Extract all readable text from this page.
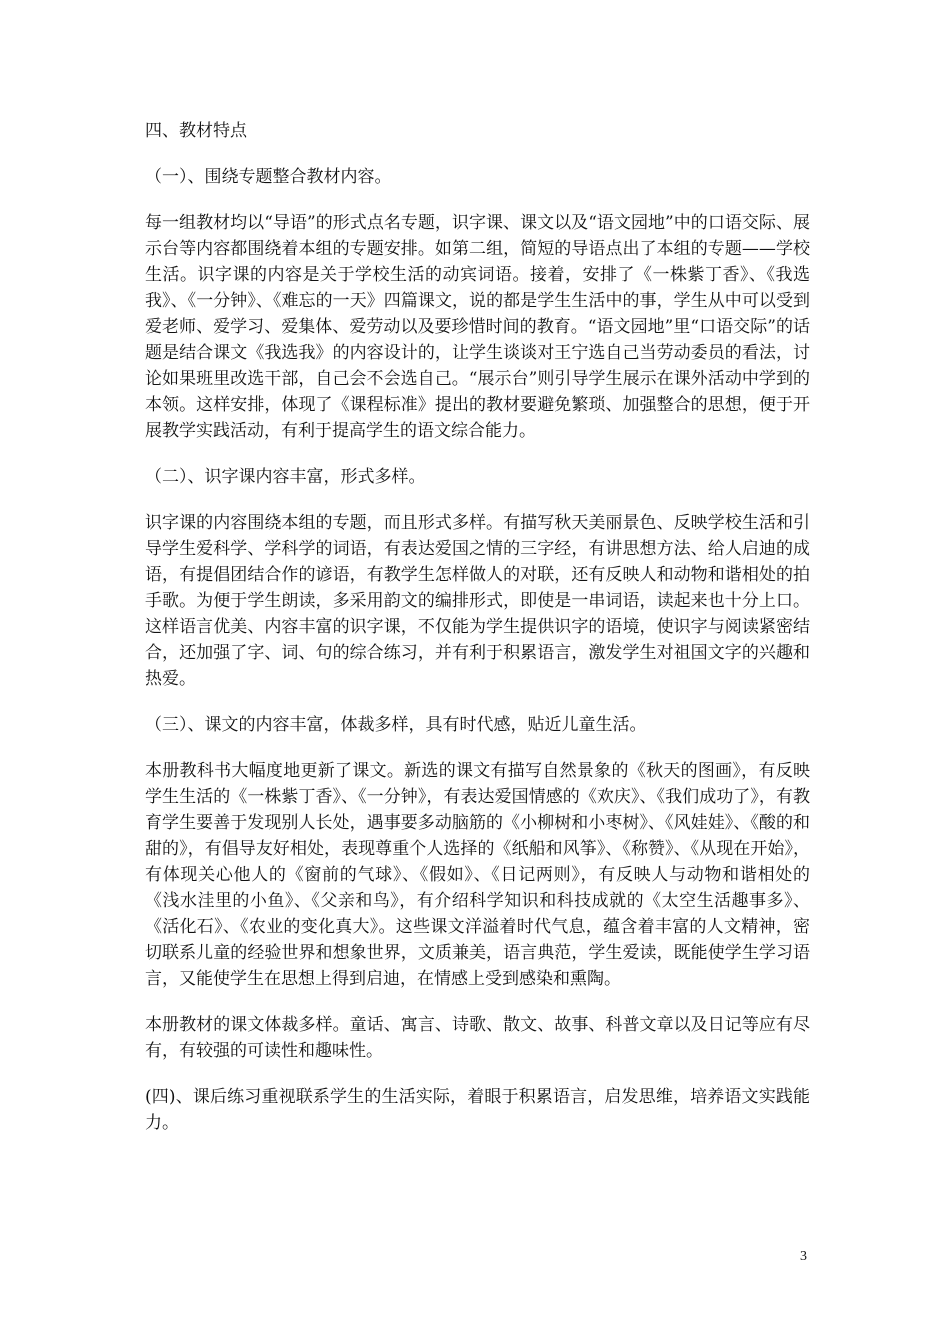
四、教材特点
（一）、围绕专题整合教材内容。
每一组教材均以“导语”的形式点名专题，识字课、课文以及“语文园地”中的口语交际、展示台等内容都围绕着本组的专题安排。如第二组，简短的导语点出了本组的专题——学校生活。识字课的内容是关于学校生活的动宾词语。接着，安排了《一株紫丁香》、《我选我》、《一分钟》、《难忘的一天》四篇课文，说的都是学生生活中的事，学生从中可以受到爱老师、爱学习、爱集体、爱劳动以及要珍惜时间的教育。“语文园地”里“口语交际”的话题是结合课文《我选我》的内容设计的，让学生谈谈对王宁选自己当劳动委员的看法，讨论如果班里改选干部，自己会不会选自己。“展示台”则引导学生展示在课外活动中学到的本领。这样安排，体现了《课程标准》提出的教材要避免繁琐、加强整合的思想，便于开展教学实践活动，有利于提高学生的语文综合能力。
（二）、识字课内容丰富，形式多样。
识字课的内容围绕本组的专题，而且形式多样。有描写秋天美丽景色、反映学校生活和引导学生爱科学、学科学的词语，有表达爱国之情的三字经，有讲思想方法、给人启迪的成语，有提倡团结合作的谚语，有教学生怎样做人的对联，还有反映人和动物和谐相处的拍手歌。为便于学生朗读，多采用韵文的编排形式，即使是一串词语，读起来也十分上口。这样语言优美、内容丰富的识字课，不仅能为学生提供识字的语境，使识字与阅读紧密结合，还加强了字、词、句的综合练习，并有利于积累语言，激发学生对祖国文字的兴趣和热爱。
（三）、课文的内容丰富，体裁多样，具有时代感，贴近儿童生活。
本册教科书大幅度地更新了课文。新选的课文有描写自然景象的《秋天的图画》，有反映学生生活的《一株紫丁香》、《一分钟》，有表达爱国情感的《欢庆》、《我们成功了》，有教育学生要善于发现别人长处，遇事要多动脑筋的《小柳树和小枣树》、《风娃娃》、《酸的和甜的》，有倡导友好相处，表现尊重个人选择的《纸船和风筝》、《称赞》、《从现在开始》，有体现关心他人的《窗前的气球》、《假如》、《日记两则》，有反映人与动物和谐相处的《浅水洼里的小鱼》、《父亲和鸟》，有介绍科学知识和科技成就的《太空生活趣事多》、《活化石》、《农业的变化真大》。这些课文洋溢着时代气息，蕴含着丰富的人文精神，密切联系儿童的经验世界和想象世界，文质兼美，语言典范，学生爱读，既能使学生学习语言，又能使学生在思想上得到启迪，在情感上受到感染和熏陶。
本册教材的课文体裁多样。童话、寓言、诗歌、散文、故事、科普文章以及日记等应有尽有，有较强的可读性和趣味性。
(四)、课后练习重视联系学生的生活实际，着眼于积累语言，启发思维，培养语文实践能力。
3
